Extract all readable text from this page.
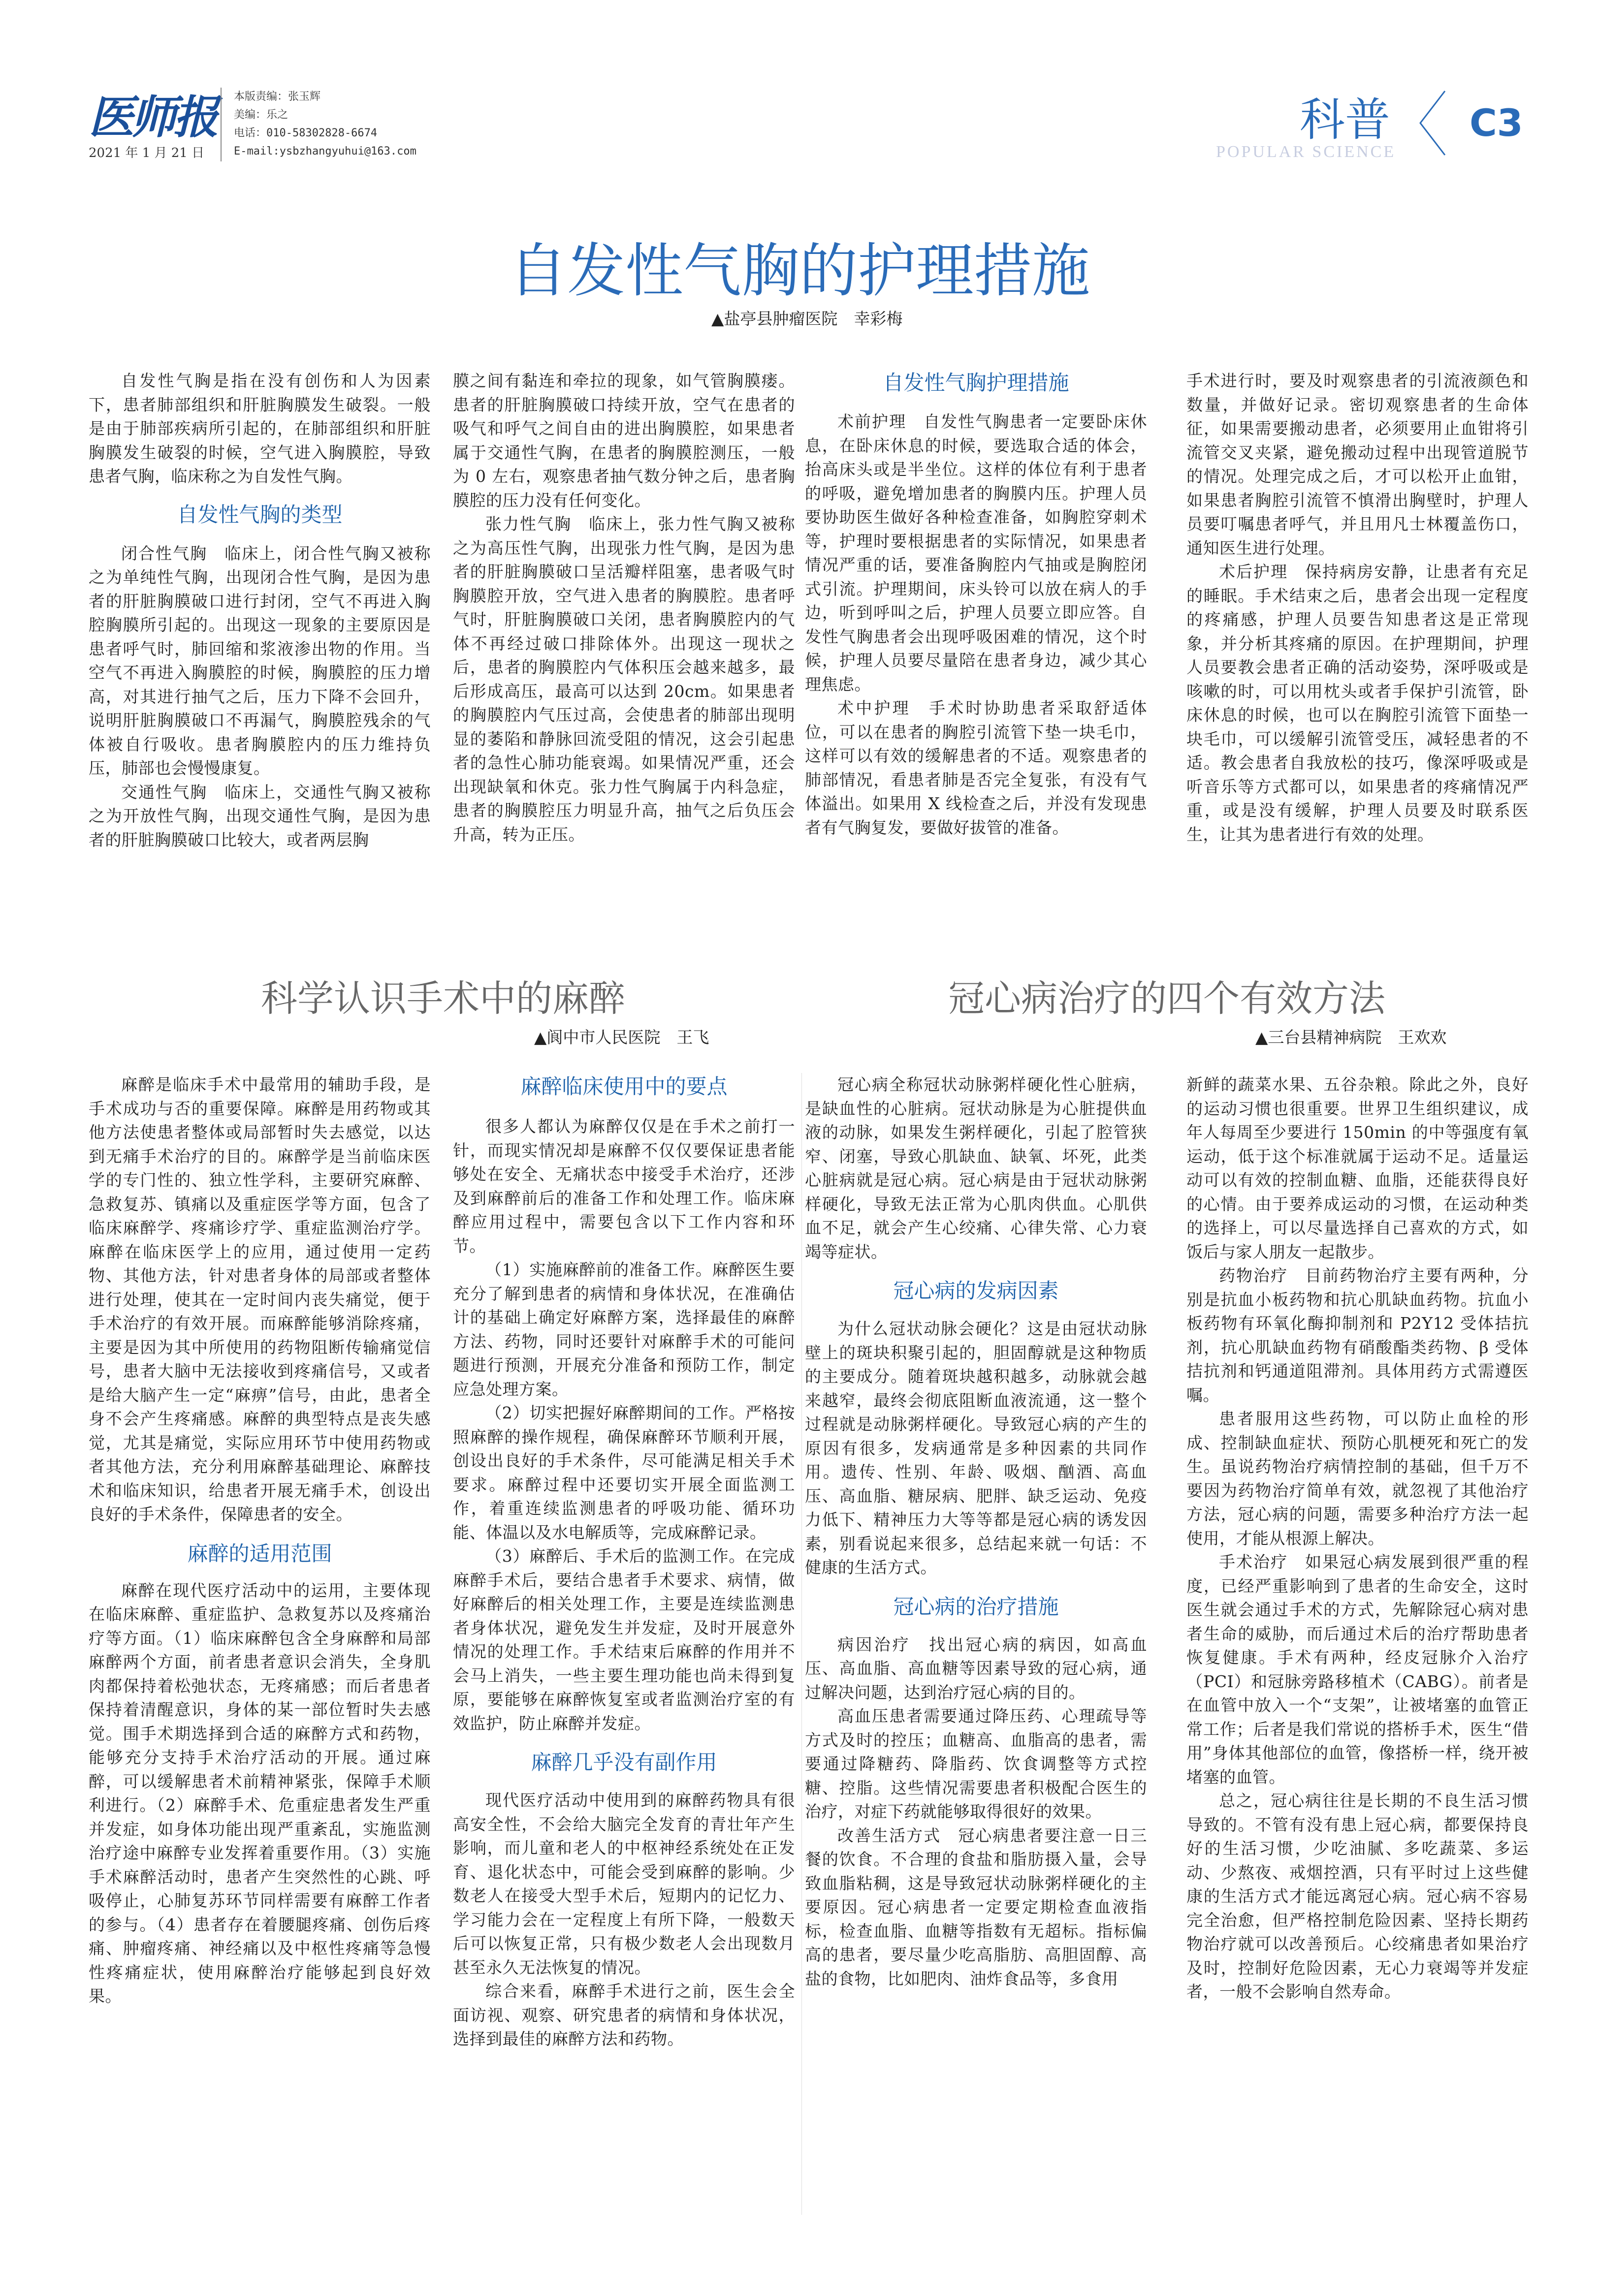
医师报
2021 年 1 月 21 日
本版责编：张玉辉
美编：乐之
电话：010-58302828-6674
E-mail:ysbzhangyuhui@163.com
科普
POPULAR SCIENCE
C3
自发性气胸的护理措施
▲盐亭县肿瘤医院　幸彩梅

自发性气胸是指在没有创伤和人为因素下，患者肺部组织和肝脏胸膜发生破裂。一般是由于肺部疾病所引起的，在肺部组织和肝脏胸膜发生破裂的时候，空气进入胸膜腔，导致患者气胸，临床称之为自发性气胸。

自发性气胸的类型

闭合性气胸　临床上，闭合性气胸又被称之为单纯性气胸，出现闭合性气胸，是因为患者的肝脏胸膜破口进行封闭，空气不再进入胸腔胸膜所引起的。出现这一现象的主要原因是患者呼气时，肺回缩和浆液渗出物的作用。当空气不再进入胸膜腔的时候，胸膜腔的压力增高，对其进行抽气之后，压力下降不会回升，说明肝脏胸膜破口不再漏气，胸膜腔残余的气体被自行吸收。患者胸膜腔内的压力维持负压，肺部也会慢慢康复。

交通性气胸　临床上，交通性气胸又被称之为开放性气胸，出现交通性气胸，是因为患者的肝脏胸膜破口比较大，或者两层胸

膜之间有黏连和牵拉的现象，如气管胸膜瘘。患者的肝脏胸膜破口持续开放，空气在患者的吸气和呼气之间自由的进出胸膜腔，如果患者属于交通性气胸，在患者的胸膜腔测压，一般为 0 左右，观察患者抽气数分钟之后，患者胸膜腔的压力没有任何变化。

张力性气胸　临床上，张力性气胸又被称之为高压性气胸，出现张力性气胸，是因为患者的肝脏胸膜破口呈活瓣样阻塞，患者吸气时胸膜腔开放，空气进入患者的胸膜腔。患者呼气时，肝脏胸膜破口关闭，患者胸膜腔内的气体不再经过破口排除体外。出现这一现状之后，患者的胸膜腔内气体积压会越来越多，最后形成高压，最高可以达到 20cm。如果患者的胸膜腔内气压过高，会使患者的肺部出现明显的萎陷和静脉回流受阻的情况，这会引起患者的急性心肺功能衰竭。如果情况严重，还会出现缺氧和休克。张力性气胸属于内科急症，患者的胸膜腔压力明显升高，抽气之后负压会升高，转为正压。

自发性气胸护理措施

术前护理　自发性气胸患者一定要卧床休息，在卧床休息的时候，要选取合适的体会，抬高床头或是半坐位。这样的体位有利于患者的呼吸，避免增加患者的胸膜内压。护理人员要协助医生做好各种检查准备，如胸腔穿刺术等，护理时要根据患者的实际情况，如果患者情况严重的话，要准备胸腔内气抽或是胸腔闭式引流。护理期间，床头铃可以放在病人的手边，听到呼叫之后，护理人员要立即应答。自发性气胸患者会出现呼吸困难的情况，这个时候，护理人员要尽量陪在患者身边，减少其心理焦虑。

术中护理　手术时协助患者采取舒适体位，可以在患者的胸腔引流管下垫一块毛巾，这样可以有效的缓解患者的不适。观察患者的肺部情况，看患者肺是否完全复张，有没有气体溢出。如果用 X 线检查之后，并没有发现患者有气胸复发，要做好拔管的准备。

手术进行时，要及时观察患者的引流液颜色和数量，并做好记录。密切观察患者的生命体征，如果需要搬动患者，必须要用止血钳将引流管交叉夹紧，避免搬动过程中出现管道脱节的情况。处理完成之后，才可以松开止血钳，如果患者胸腔引流管不慎滑出胸壁时，护理人员要叮嘱患者呼气，并且用凡士林覆盖伤口，通知医生进行处理。

术后护理　保持病房安静，让患者有充足的睡眠。手术结束之后，患者会出现一定程度的疼痛感，护理人员要告知患者这是正常现象，并分析其疼痛的原因。在护理期间，护理人员要教会患者正确的活动姿势，深呼吸或是咳嗽的时，可以用枕头或者手保护引流管，卧床休息的时候，也可以在胸腔引流管下面垫一块毛巾，可以缓解引流管受压，减轻患者的不适。教会患者自我放松的技巧，像深呼吸或是听音乐等方式都可以，如果患者的疼痛情况严重，或是没有缓解，护理人员要及时联系医生，让其为患者进行有效的处理。

科学认识手术中的麻醉
▲阆中市人民医院　王飞

麻醉是临床手术中最常用的辅助手段，是手术成功与否的重要保障。麻醉是用药物或其他方法使患者整体或局部暂时失去感觉，以达到无痛手术治疗的目的。麻醉学是当前临床医学的专门性的、独立性学科，主要研究麻醉、急救复苏、镇痛以及重症医学等方面，包含了临床麻醉学、疼痛诊疗学、重症监测治疗学。麻醉在临床医学上的应用，通过使用一定药物、其他方法，针对患者身体的局部或者整体进行处理，使其在一定时间内丧失痛觉，便于手术治疗的有效开展。而麻醉能够消除疼痛，主要是因为其中所使用的药物阻断传输痛觉信号，患者大脑中无法接收到疼痛信号，又或者是给大脑产生一定“麻痹”信号，由此，患者全身不会产生疼痛感。麻醉的典型特点是丧失感觉，尤其是痛觉，实际应用环节中使用药物或者其他方法，充分利用麻醉基础理论、麻醉技术和临床知识，给患者开展无痛手术，创设出良好的手术条件，保障患者的安全。

麻醉的适用范围

麻醉在现代医疗活动中的运用，主要体现在临床麻醉、重症监护、急救复苏以及疼痛治疗等方面。（1）临床麻醉包含全身麻醉和局部麻醉两个方面，前者患者意识会消失，全身肌肉都保持着松弛状态，无疼痛感；而后者患者保持着清醒意识，身体的某一部位暂时失去感觉。围手术期选择到合适的麻醉方式和药物，能够充分支持手术治疗活动的开展。通过麻醉，可以缓解患者术前精神紧张，保障手术顺利进行。（2）麻醉手术、危重症患者发生严重并发症，如身体功能出现严重紊乱，实施监测治疗途中麻醉专业发挥着重要作用。（3）实施手术麻醉活动时，患者产生突然性的心跳、呼吸停止，心肺复苏环节同样需要有麻醉工作者的参与。（4）患者存在着腰腿疼痛、创伤后疼痛、肿瘤疼痛、神经痛以及中枢性疼痛等急慢性疼痛症状，使用麻醉治疗能够起到良好效果。

麻醉临床使用中的要点

很多人都认为麻醉仅仅是在手术之前打一针，而现实情况却是麻醉不仅仅要保证患者能够处在安全、无痛状态中接受手术治疗，还涉及到麻醉前后的准备工作和处理工作。临床麻醉应用过程中，需要包含以下工作内容和环节。

（1）实施麻醉前的准备工作。麻醉医生要充分了解到患者的病情和身体状况，在准确估计的基础上确定好麻醉方案，选择最佳的麻醉方法、药物，同时还要针对麻醉手术的可能问题进行预测，开展充分准备和预防工作，制定应急处理方案。

（2）切实把握好麻醉期间的工作。严格按照麻醉的操作规程，确保麻醉环节顺利开展，创设出良好的手术条件，尽可能满足相关手术要求。麻醉过程中还要切实开展全面监测工作，着重连续监测患者的呼吸功能、循环功能、体温以及水电解质等，完成麻醉记录。

（3）麻醉后、手术后的监测工作。在完成麻醉手术后，要结合患者手术要求、病情，做好麻醉后的相关处理工作，主要是连续监测患者身体状况，避免发生并发症，及时开展意外情况的处理工作。手术结束后麻醉的作用并不会马上消失，一些主要生理功能也尚未得到复原，要能够在麻醉恢复室或者监测治疗室的有效监护，防止麻醉并发症。

麻醉几乎没有副作用

现代医疗活动中使用到的麻醉药物具有很高安全性，不会给大脑完全发育的青壮年产生影响，而儿童和老人的中枢神经系统处在正发育、退化状态中，可能会受到麻醉的影响。少数老人在接受大型手术后，短期内的记忆力、学习能力会在一定程度上有所下降，一般数天后可以恢复正常，只有极少数老人会出现数月甚至永久无法恢复的情况。

综合来看，麻醉手术进行之前，医生会全面访视、观察、研究患者的病情和身体状况，选择到最佳的麻醉方法和药物。

冠心病治疗的四个有效方法
▲三台县精神病院　王欢欢

冠心病全称冠状动脉粥样硬化性心脏病，是缺血性的心脏病。冠状动脉是为心脏提供血液的动脉，如果发生粥样硬化，引起了腔管狭窄、闭塞，导致心肌缺血、缺氧、坏死，此类心脏病就是冠心病。冠心病是由于冠状动脉粥样硬化，导致无法正常为心肌肉供血。心肌供血不足，就会产生心绞痛、心律失常、心力衰竭等症状。

冠心病的发病因素

为什么冠状动脉会硬化？这是由冠状动脉壁上的斑块积聚引起的，胆固醇就是这种物质的主要成分。随着斑块越积越多，动脉就会越来越窄，最终会彻底阻断血液流通，这一整个过程就是动脉粥样硬化。导致冠心病的产生的原因有很多，发病通常是多种因素的共同作用。遗传、性别、年龄、吸烟、酗酒、高血压、高血脂、糖尿病、肥胖、缺乏运动、免疫力低下、精神压力大等等都是冠心病的诱发因素，别看说起来很多，总结起来就一句话：不健康的生活方式。

冠心病的治疗措施

病因治疗　找出冠心病的病因，如高血压、高血脂、高血糖等因素导致的冠心病，通过解决问题，达到治疗冠心病的目的。

高血压患者需要通过降压药、心理疏导等方式及时的控压；血糖高、血脂高的患者，需要通过降糖药、降脂药、饮食调整等方式控糖、控脂。这些情况需要患者积极配合医生的治疗，对症下药就能够取得很好的效果。

改善生活方式　冠心病患者要注意一日三餐的饮食。不合理的食盐和脂肪摄入量，会导致血脂粘稠，这是导致冠状动脉粥样硬化的主要原因。冠心病患者一定要定期检查血液指标，检查血脂、血糖等指数有无超标。指标偏高的患者，要尽量少吃高脂肪、高胆固醇、高盐的食物，比如肥肉、油炸食品等，多食用

新鲜的蔬菜水果、五谷杂粮。除此之外，良好的运动习惯也很重要。世界卫生组织建议，成年人每周至少要进行 150min 的中等强度有氧运动，低于这个标准就属于运动不足。适量运动可以有效的控制血糖、血脂，还能获得良好的心情。由于要养成运动的习惯，在运动种类的选择上，可以尽量选择自己喜欢的方式，如饭后与家人朋友一起散步。

药物治疗　目前药物治疗主要有两种，分别是抗血小板药物和抗心肌缺血药物。抗血小板药物有环氧化酶抑制剂和 P2Y12 受体拮抗剂，抗心肌缺血药物有硝酸酯类药物、β 受体拮抗剂和钙通道阻滞剂。具体用药方式需遵医嘱。

患者服用这些药物，可以防止血栓的形成、控制缺血症状、预防心肌梗死和死亡的发生。虽说药物治疗病情控制的基础，但千万不要因为药物治疗简单有效，就忽视了其他治疗方法，冠心病的问题，需要多种治疗方法一起使用，才能从根源上解决。

手术治疗　如果冠心病发展到很严重的程度，已经严重影响到了患者的生命安全，这时医生就会通过手术的方式，先解除冠心病对患者生命的威胁，而后通过术后的治疗帮助患者恢复健康。手术有两种，经皮冠脉介入治疗（PCI）和冠脉旁路移植术（CABG）。前者是在血管中放入一个“支架”，让被堵塞的血管正常工作；后者是我们常说的搭桥手术，医生“借用”身体其他部位的血管，像搭桥一样，绕开被堵塞的血管。

总之，冠心病往往是长期的不良生活习惯导致的。不管有没有患上冠心病，都要保持良好的生活习惯，少吃油腻、多吃蔬菜、多运动、少熬夜、戒烟控酒，只有平时过上这些健康的生活方式才能远离冠心病。冠心病不容易完全治愈，但严格控制危险因素、坚持长期药物治疗就可以改善预后。心绞痛患者如果治疗及时，控制好危险因素，无心力衰竭等并发症者，一般不会影响自然寿命。
